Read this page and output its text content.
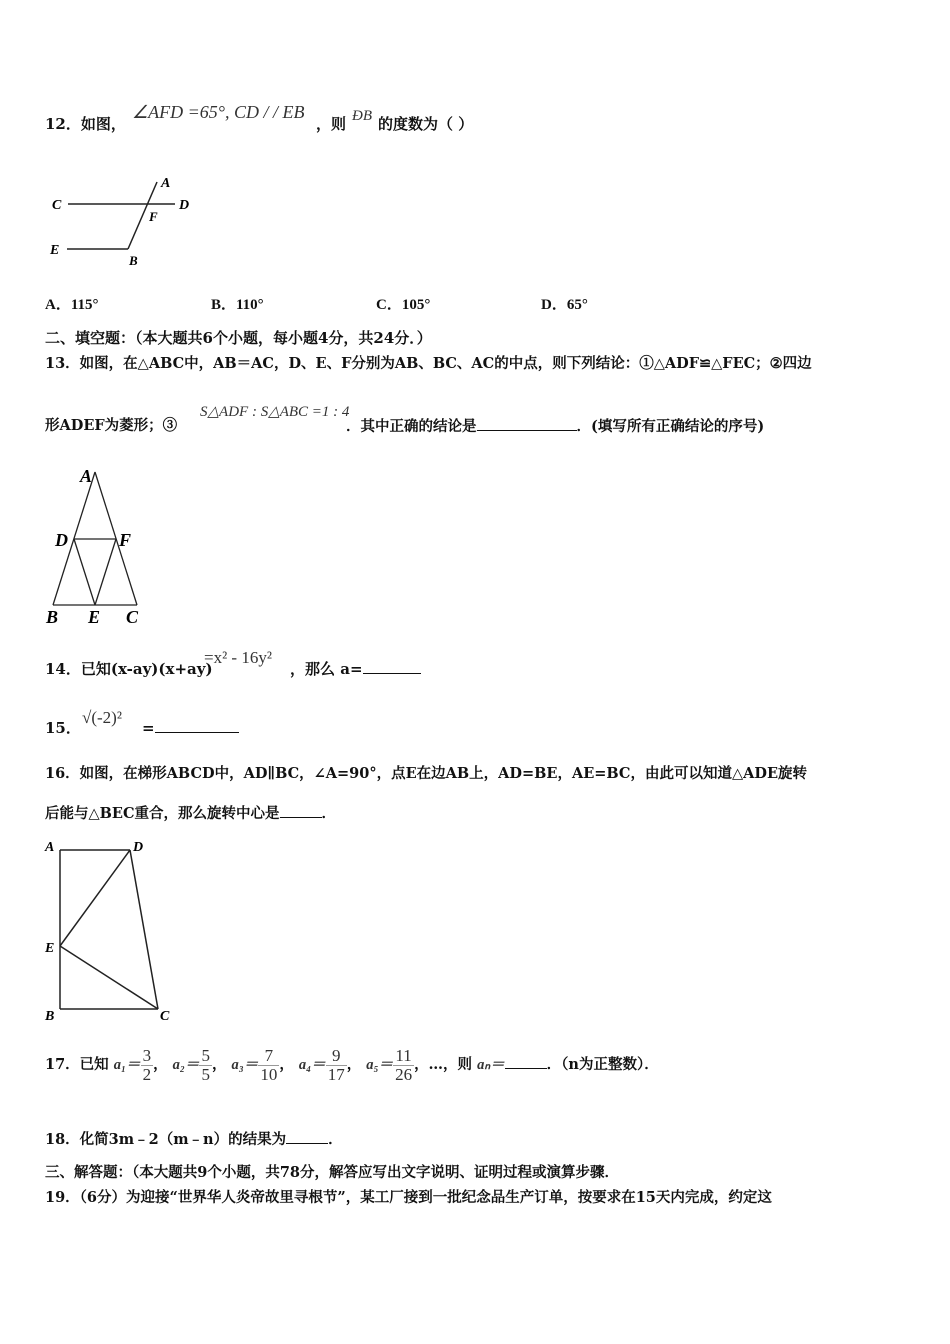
12．如图，
∠AFD =65°, CD / / EB
，则 ÐB 的度数为（ ）
A
C	D
F
E
B
A．115°	B．110°	C．105°	D．65°
二、填空题：（本大题共6个小题，每小题4分，共24分．）
13．如图，在△ABC中，AB＝AC，D、E、F分别为AB、BC、AC的中点，则下列结论：①△ADF≌△FEC；②四边
形ADEF为菱形；③
S△ADF : S△ABC =1 : 4
．其中正确的结论是	．(填写所有正确结论的序号)
A
D	F
B E C
14．已知(x-ay)(x+ay)
=x² - 16y²
，那么 a=
15．
√(-2)²
=
16．如图，在梯形ABCD中，AD∥BC，∠A=90°，点E在边AB上，AD=BE，AE=BC，由此可以知道△ADE旋转
后能与△BEC重合，那么旋转中心是	．
A	D
E
B	C
17．已知 $a_1= \frac{3}{2}$ ， $a_2= \frac{5}{5}$ ， $a_3= \frac{7}{10}$ ， $a_4= \frac{9}{17}$ ， $a_5= \frac{11}{26}$ ，…，则 aₙ＝	．（n为正整数）．
18．化简3m﹣2（m﹣n）的结果为	．
三、解答题：（本大题共9个小题，共78分，解答应写出文字说明、证明过程或演算步骤．
19．（6分）为迎接“世界华人炎帝故里寻根节”，某工厂接到一批纪念品生产订单，按要求在15天内完成，约定这
